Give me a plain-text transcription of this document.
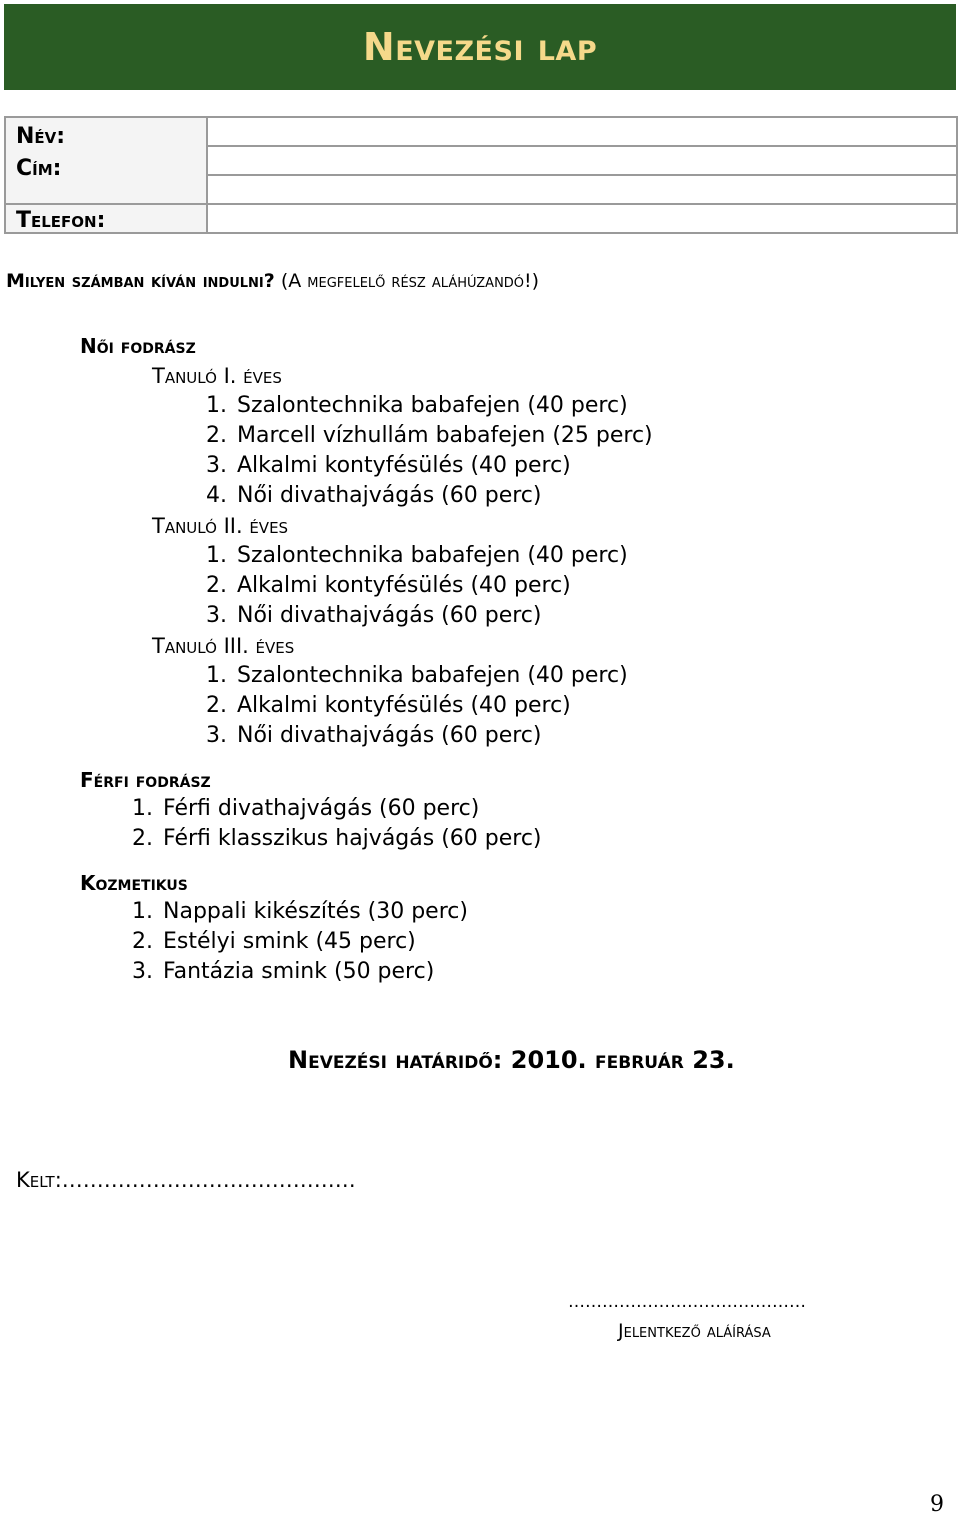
Nevezési lap
Név:
Cím:	

Telefon:	

Milyen számban kíván indulni? (A megfelelő rész aláhúzandó!)
Női fodrász
Tanuló I. éves
1. Szalontechnika babafejen (40 perc)
2. Marcell vízhullám babafejen (25 perc)
3. Alkalmi kontyfésülés (40 perc)
4. Női divathajvágás (60 perc)
Tanuló II. éves
1. Szalontechnika babafejen (40 perc)
2. Alkalmi kontyfésülés (40 perc)
3. Női divathajvágás (60 perc)
Tanuló III. éves
1. Szalontechnika babafejen (40 perc)
2. Alkalmi kontyfésülés (40 perc)
3. Női divathajvágás (60 perc)
Férfi fodrász
1. Férfi divathajvágás (60 perc)
2. Férfi klasszikus hajvágás (60 perc)
Kozmetikus
1. Nappali kikészítés (30 perc)
2. Estélyi smink (45 perc)
3. Fantázia smink (50 perc)
Nevezési határidő: 2010. február 23.
Kelt:……………………………………
……………………………………
Jelentkező aláírása
9
